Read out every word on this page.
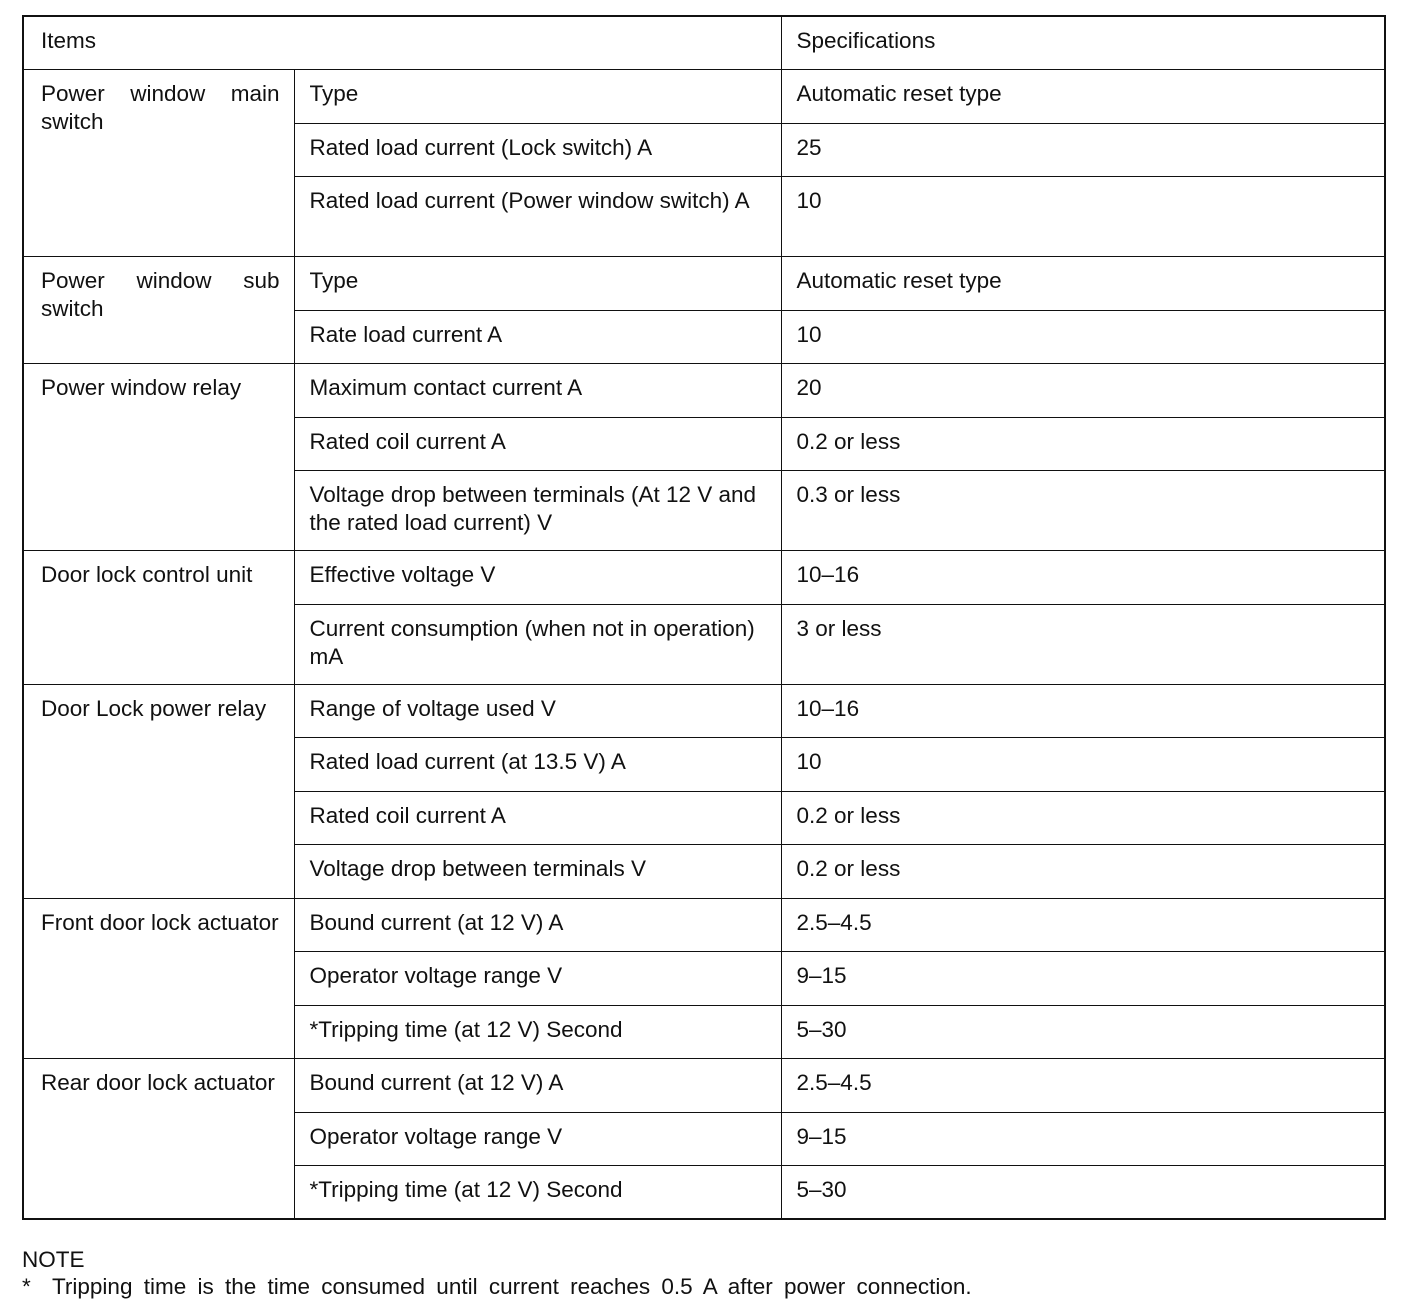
Items		Specifications
Power window main switch	Type	Automatic reset type
	Rated load current (Lock switch) A	25
	Rated load current (Power window switch) A	10
Power window sub switch	Type	Automatic reset type
	Rate load current A	10
Power window relay	Maximum contact current A	20
	Rated coil current A	0.2 or less
	Voltage drop between terminals (At 12 V and the rated load current) V	0.3 or less
Door lock control unit	Effective voltage V	10–16
	Current consumption (when not in operation) mA	3 or less
Door Lock power relay	Range of voltage used V	10–16
	Rated load current (at 13.5 V) A	10
	Rated coil current A	0.2 or less
	Voltage drop between terminals V	0.2 or less
Front door lock actuator	Bound current (at 12 V) A	2.5–4.5
	Operator voltage range V	9–15
	*Tripping time (at 12 V) Second	5–30
Rear door lock actuator	Bound current (at 12 V) A	2.5–4.5
	Operator voltage range V	9–15
	*Tripping time (at 12 V) Second	5–30
NOTE
* Tripping time is the time consumed until current reaches 0.5 A after power connection.
